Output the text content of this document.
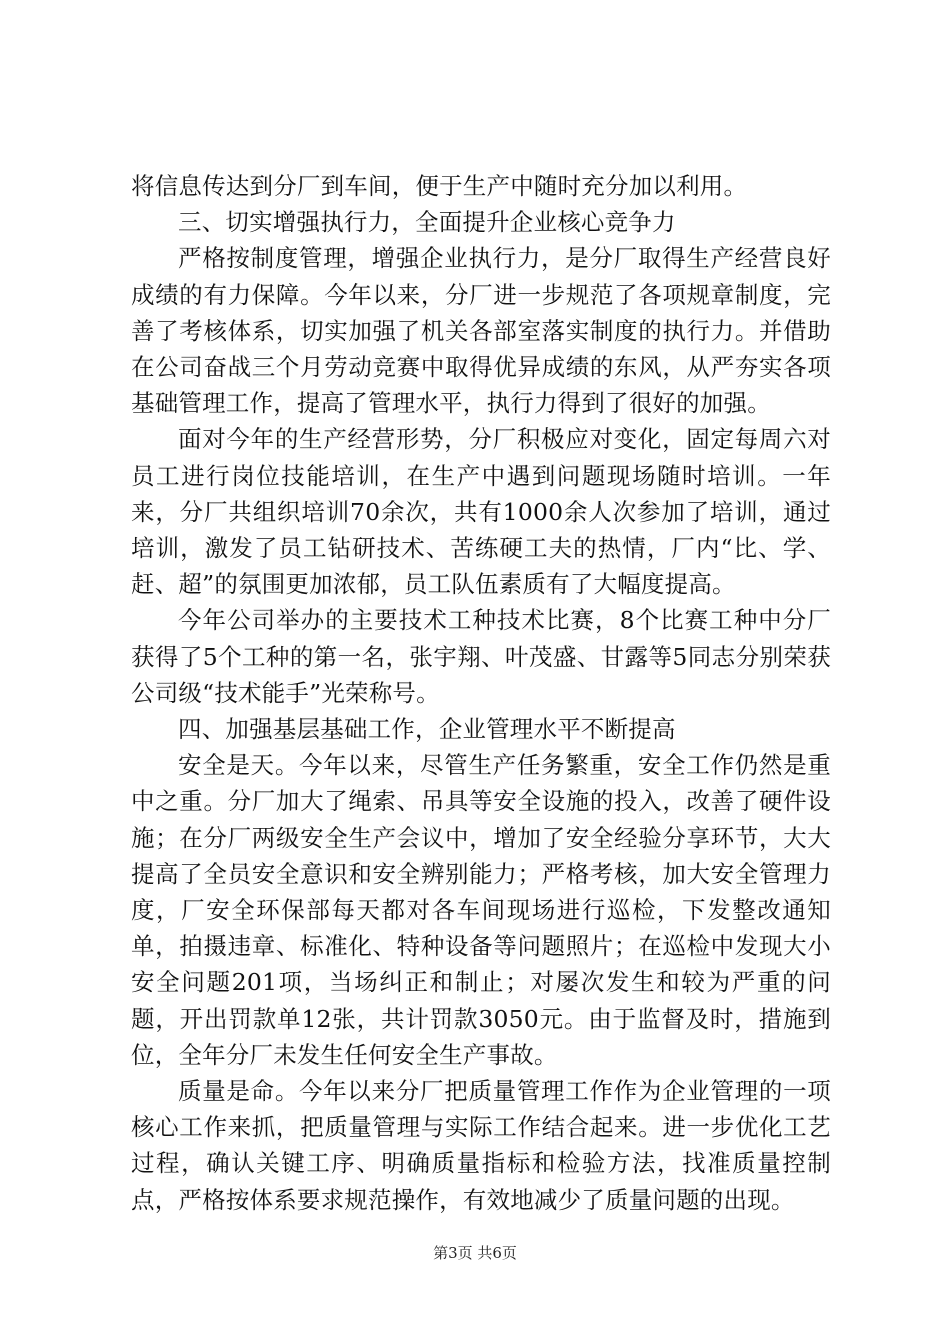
将信息传达到分厂到车间，便于生产中随时充分加以利用。

三、切实增强执行力，全面提升企业核心竞争力

严格按制度管理，增强企业执行力，是分厂取得生产经营良好成绩的有力保障。今年以来，分厂进一步规范了各项规章制度，完善了考核体系，切实加强了机关各部室落实制度的执行力。并借助在公司奋战三个月劳动竞赛中取得优异成绩的东风，从严夯实各项基础管理工作，提高了管理水平，执行力得到了很好的加强。

面对今年的生产经营形势，分厂积极应对变化，固定每周六对员工进行岗位技能培训，在生产中遇到问题现场随时培训。一年来，分厂共组织培训70余次，共有1000余人次参加了培训，通过培训，激发了员工钻研技术、苦练硬工夫的热情，厂内“比、学、赶、超”的氛围更加浓郁，员工队伍素质有了大幅度提高。

今年公司举办的主要技术工种技术比赛，8个比赛工种中分厂获得了5个工种的第一名，张宇翔、叶茂盛、甘露等5同志分别荣获公司级“技术能手”光荣称号。

四、加强基层基础工作，企业管理水平不断提高

安全是天。今年以来，尽管生产任务繁重，安全工作仍然是重中之重。分厂加大了绳索、吊具等安全设施的投入，改善了硬件设施；在分厂两级安全生产会议中，增加了安全经验分享环节，大大提高了全员安全意识和安全辨别能力；严格考核，加大安全管理力度，厂安全环保部每天都对各车间现场进行巡检，下发整改通知单，拍摄违章、标准化、特种设备等问题照片；在巡检中发现大小安全问题201项，当场纠正和制止；对屡次发生和较为严重的问题，开出罚款单12张，共计罚款3050元。由于监督及时，措施到位，全年分厂未发生任何安全生产事故。

质量是命。今年以来分厂把质量管理工作作为企业管理的一项核心工作来抓，把质量管理与实际工作结合起来。进一步优化工艺过程，确认关键工序、明确质量指标和检验方法，找准质量控制点，严格按体系要求规范操作，有效地减少了质量问题的出现。

第3页 共6页
